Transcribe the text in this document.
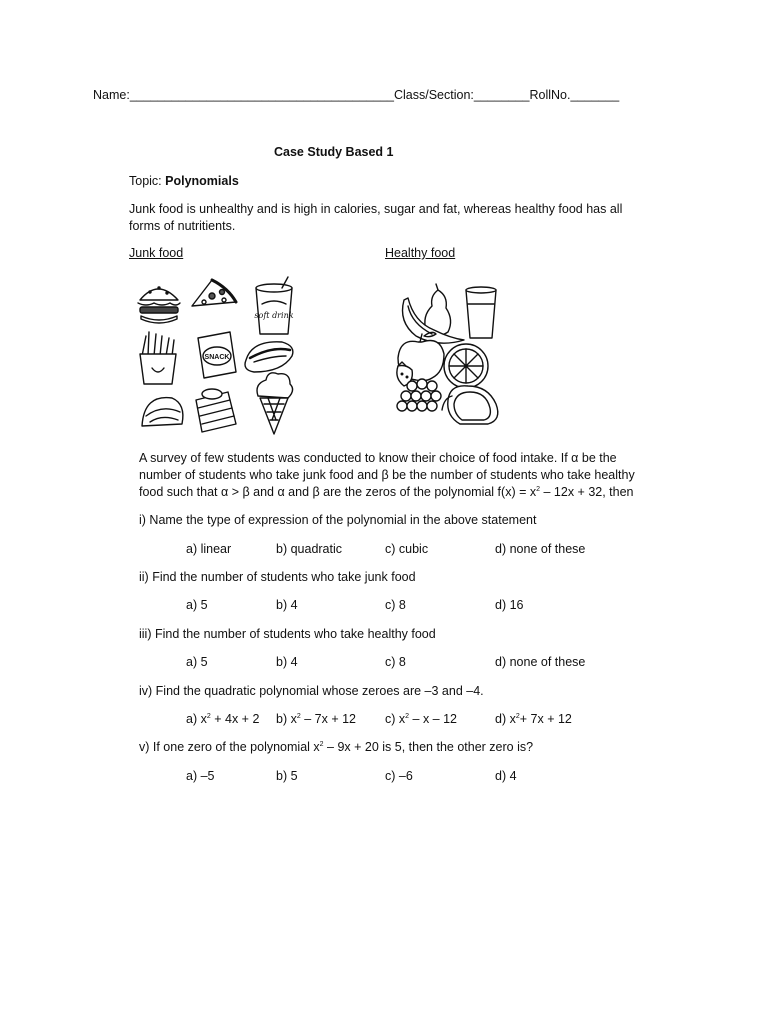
Name:______________________________________Class/Section:________RollNo._______
Case Study Based 1
Topic: Polynomials
Junk food is unhealthy and is high in calories, sugar and fat, whereas healthy food has all forms of nutritients.
Junk food	Healthy food
soft drink
SNACK
A survey of few students was conducted to know their choice of food intake. If α be the
number of students who take junk food and β be the number of students who take healthy
food such that α > β and α and β are the zeros of the polynomial $f(x) = x^2 - 12x + 32$, then
i) Name the type of expression of the polynomial in the above statement
a) linear	b) quadratic	c) cubic	d) none of these
ii) Find the number of students who take junk food
a) 5	b) 4	c) 8	d) 16
iii) Find the number of students who take healthy food
a) 5	b) 4	c) 8	d) none of these
iv) Find the quadratic polynomial whose zeroes are –3 and –4.
a) $x^2 + 4x + 2$ b) $x^2 - 7x + 12$ c) $x^2$ – x – 12	d) $x^2+ 7x + 12$
v) If one zero of the polynomial $x^2 - 9x + 20$ is 5, then the other zero is?
a) –5	b) 5	c) –6	d) 4
